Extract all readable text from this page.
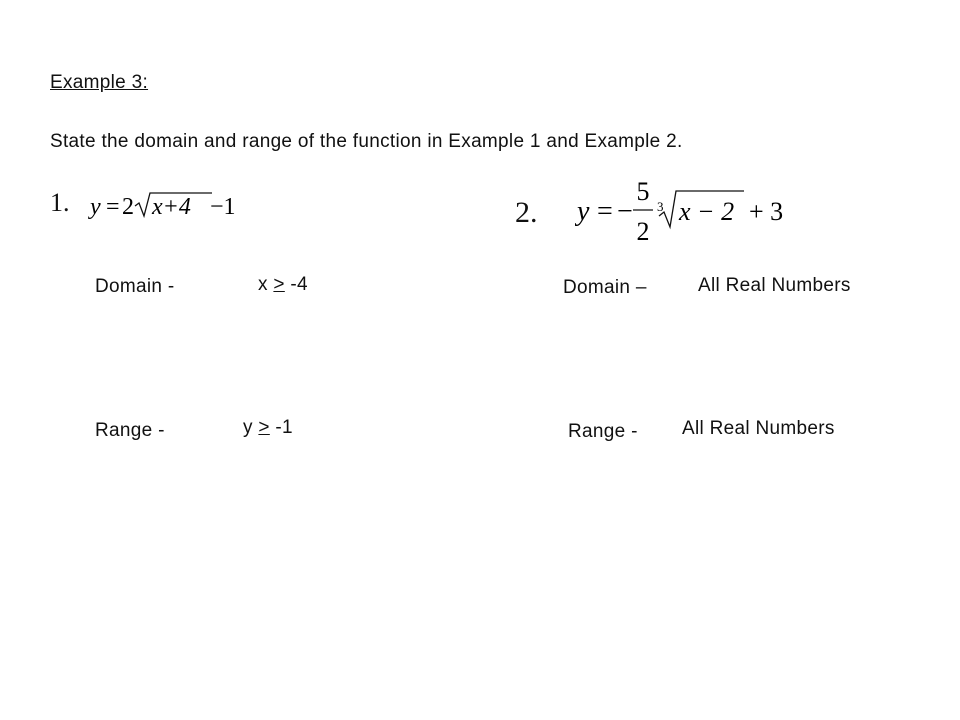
Example 3:
State the domain and range of the function in Example 1 and Example 2.
1. y = 2 x+4 −1
Domain -	x > -4
Range -	y > -1
2. y = −
5
2
3 x − 2 + 3
Domain –	All Real Numbers
Range - All Real Numbers
